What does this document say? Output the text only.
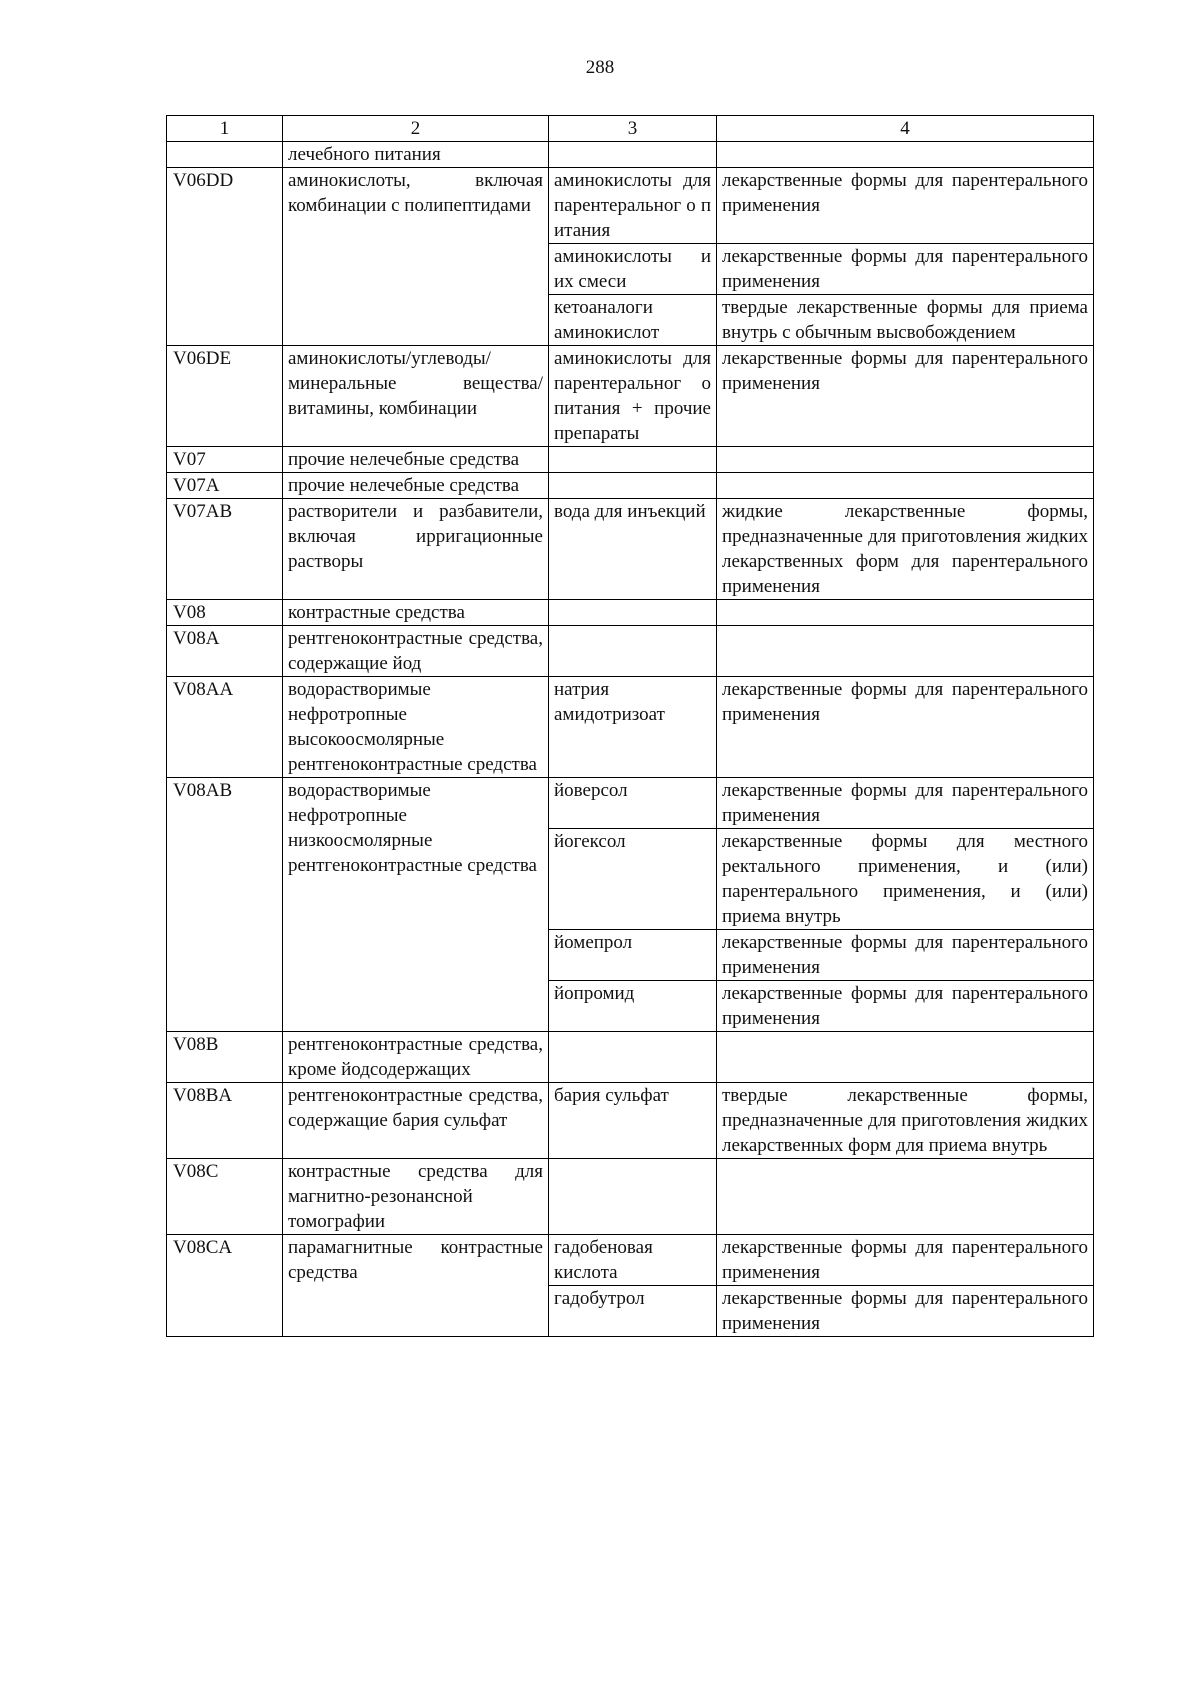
288
1	2	3	4
	лечебного питания		
V06DD	аминокислоты, включая комбинации с полипептидами	аминокислоты для парентеральног о питания	лекарственные формы для парентерального применения
		аминокислоты и их смеси	лекарственные формы для парентерального применения
		кетоаналоги аминокислот	твердые лекарственные формы для приема внутрь с обычным высвобождением
V06DE	аминокислоты/углеводы/ минеральные вещества/витамины, комбинации	аминокислоты для парентеральног о питания + прочие препараты	лекарственные формы для парентерального применения
V07	прочие нелечебные средства		
V07A	прочие нелечебные средства		
V07AB	растворители и разбавители, включая ирригационные растворы	вода для инъекций	жидкие лекарственные формы, предназначенные для приготовления жидких лекарственных форм для парентерального применения
V08	контрастные средства		
V08A	рентгеноконтрастные средства, содержащие йод		
V08AA	водорастворимые нефротропные высокоосмолярные рентгеноконтрастные средства	натрия амидотризоат	лекарственные формы для парентерального применения
V08AB	водорастворимые нефротропные низкоосмолярные рентгеноконтрастные средства	йоверсол	лекарственные формы для парентерального применения
		йогексол	лекарственные формы для местного ректального применения, и (или) парентерального применения, и (или) приема внутрь
		йомепрол	лекарственные формы для парентерального применения
		йопромид	лекарственные формы для парентерального применения
V08B	рентгеноконтрастные средства, кроме йодсодержащих		
V08BA	рентгеноконтрастные средства, содержащие бария сульфат	бария сульфат	твердые лекарственные формы, предназначенные для приготовления жидких лекарственных форм для приема внутрь
V08C	контрастные средства для магнитно-резонансной томографии		
V08CA	парамагнитные контрастные средства	гадобеновая кислота	лекарственные формы для парентерального применения
		гадобутрол	лекарственные формы для парентерального применения
